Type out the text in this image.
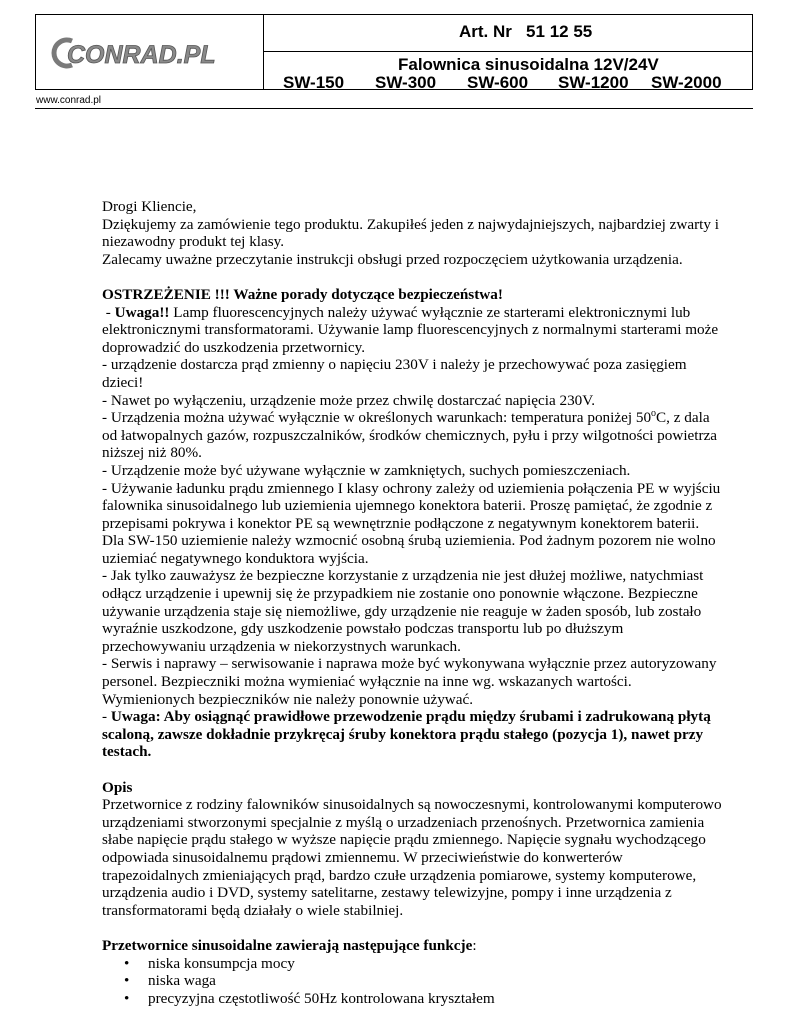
CONRAD.PL
Art. Nr   51 12 55
Falownica sinusoidalna 12V/24V
SW-150	SW-300	SW-600	SW-1200	SW-2000
www.conrad.pl

Drogi Kliencie,

Dziękujemy za zamówienie tego produktu. Zakupiłeś jeden z najwydajniejszych, najbardziej zwarty i niezawodny produkt tej klasy.

Zalecamy uważne przeczytanie instrukcji obsługi przed rozpoczęciem użytkowania urządzenia.

OSTRZEŻENIE !!! Ważne porady dotyczące bezpieczeństwa!

- Uwaga!! Lamp fluorescencyjnych należy używać wyłącznie ze starterami elektronicznymi lub elektronicznymi transformatorami. Używanie lamp fluorescencyjnych z normalnymi starterami może doprowadzić do uszkodzenia przetwornicy.

- urządzenie dostarcza prąd zmienny o napięciu 230V i należy je przechowywać poza zasięgiem dzieci!

- Nawet po wyłączeniu, urządzenie może przez chwilę dostarczać napięcia 230V.

- Urządzenia można używać wyłącznie w określonych warunkach: temperatura poniżej 50$^o$C, z dala od łatwopalnych gazów, rozpuszczalników, środków chemicznych, pyłu i przy wilgotności powietrza niższej niż 80%.

- Urządzenie może być używane wyłącznie w zamkniętych, suchych pomieszczeniach.

- Używanie ładunku prądu zmiennego I klasy ochrony zależy od uziemienia połączenia PE w wyjściu falownika sinusoidalnego lub uziemienia ujemnego konektora baterii. Proszę pamiętać, że zgodnie z przepisami pokrywa i konektor PE są wewnętrznie podłączone z negatywnym konektorem baterii. Dla SW-150 uziemienie należy wzmocnić osobną śrubą uziemienia. Pod żadnym pozorem nie wolno uziemiać negatywnego konduktora wyjścia.

- Jak tylko zauważysz że bezpieczne korzystanie z urządzenia nie jest dłużej możliwe, natychmiast odłącz urządzenie i upewnij się że przypadkiem nie zostanie ono ponownie włączone. Bezpieczne używanie urządzenia staje się niemożliwe, gdy urządzenie nie reaguje w żaden sposób, lub zostało wyraźnie uszkodzone, gdy uszkodzenie powstało podczas transportu lub po dłuższym przechowywaniu urządzenia w niekorzystnych warunkach.

- Serwis i naprawy – serwisowanie i naprawa może być wykonywana wyłącznie przez autoryzowany personel. Bezpieczniki można wymieniać wyłącznie na inne wg. wskazanych wartości. Wymienionych bezpieczników nie należy ponownie używać.

- Uwaga: Aby osiągnąć prawidłowe przewodzenie prądu między śrubami i zadrukowaną płytą scaloną, zawsze dokładnie przykręcaj śruby konektora prądu stałego (pozycja 1), nawet przy testach.

Opis

Przetwornice z rodziny falowników sinusoidalnych są nowoczesnymi, kontrolowanymi komputerowo urządzeniami stworzonymi specjalnie z myślą o urzadzeniach przenośnych. Przetwornica zamienia słabe napięcie prądu stałego w wyższe napięcie prądu zmiennego. Napięcie sygnału wychodzącego odpowiada sinusoidalnemu prądowi zmiennemu. W przeciwieństwie do konwerterów trapezoidalnych zmieniających prąd, bardzo czułe urządzenia pomiarowe, systemy komputerowe, urządzenia audio i DVD, systemy satelitarne, zestawy telewizyjne, pompy i inne urządzenia z transformatorami będą działały o wiele stabilniej.

Przetwornice sinusoidalne zawierają następujące funkcje:

• niska konsumpcja mocy
• niska waga
• precyzyjna częstotliwość 50Hz kontrolowana kryształem
